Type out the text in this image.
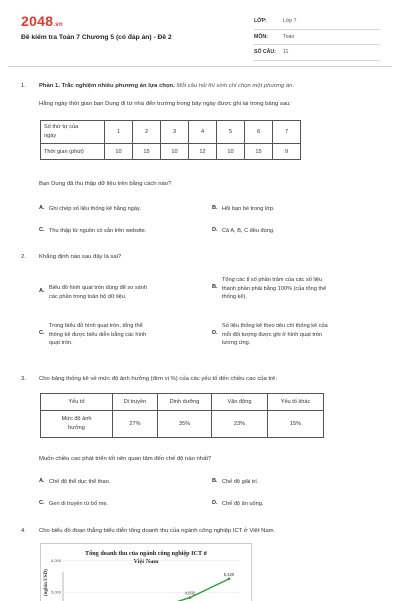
2048.vn
Đề kiểm tra Toán 7 Chương 5 (có đáp án) - Đề 2
LỚP:	Lớp 7
MÔN:	Toán
SỐ CÂU:	11
1. Phần 1. Trắc nghiệm nhiều phương án lựa chọn. Mỗi câu hỏi thí sinh chỉ chọn một phương án.
Hằng ngày thời gian bạn Dung đi từ nhà đến trường trong bảy ngày được ghi lại trong bảng sau:
Số thứ tự của
ngày	1	2	3	4	5	6	7
Thời gian (phút)	10	15	10	12	10	15	9
Bạn Dung đã thu thập dữ liệu trên bằng cách nào?
A. Ghi chép số liệu thống kê hằng ngày.	B. Hỏi bạn bè trong lớp.
C. Thu thập từ nguồn có sẵn trên website.	D. Cả A, B, C đều đúng.
2. Khẳng định nào sau đây là sai?
A. Biểu đồ hình quạt tròn dùng để so sánh
các phần trong toàn bộ dữ liệu.
B.
Tổng các tỉ số phần trăm của các số liệu
thành phần phải bằng 100% (của tổng thể
thống kê).
C.
Trong biểu đồ hình quạt tròn, tổng thể
thống kê được biểu diễn bằng các hình
quạt tròn.
D.
Số liệu thống kê theo tiêu chí thống kê của
mỗi đối tượng được ghi ở hình quạt tròn
tương ứng.
3. Cho bảng thống kê về mức độ ảnh hưởng (đơn vị %) của các yếu tố đến chiều cao của trẻ:
Yếu tố	Di truyền	Dinh dưỡng	Vận động	Yếu tố khác
Mức độ ảnh
hưởng	27%	35%	23%	15%
Muốn chiều cao phát triển tốt nên quan tâm đến chế độ nào nhất?
A. Chế độ thể dục thể thao.	B. Chế độ giải trí.
C. Gen di truyền từ bố mẹ.	D. Chế độ ăn uống.
4. Cho biểu đồ đoạn thẳng biểu diễn tổng doanh thu của ngành công nghiệp ICT ở Việt Nam.
Tổng doanh thu của ngành công nghiệp ICT ở
Việt Nam
(nghìn USD)
6,000
5,000	4,832
5,420
